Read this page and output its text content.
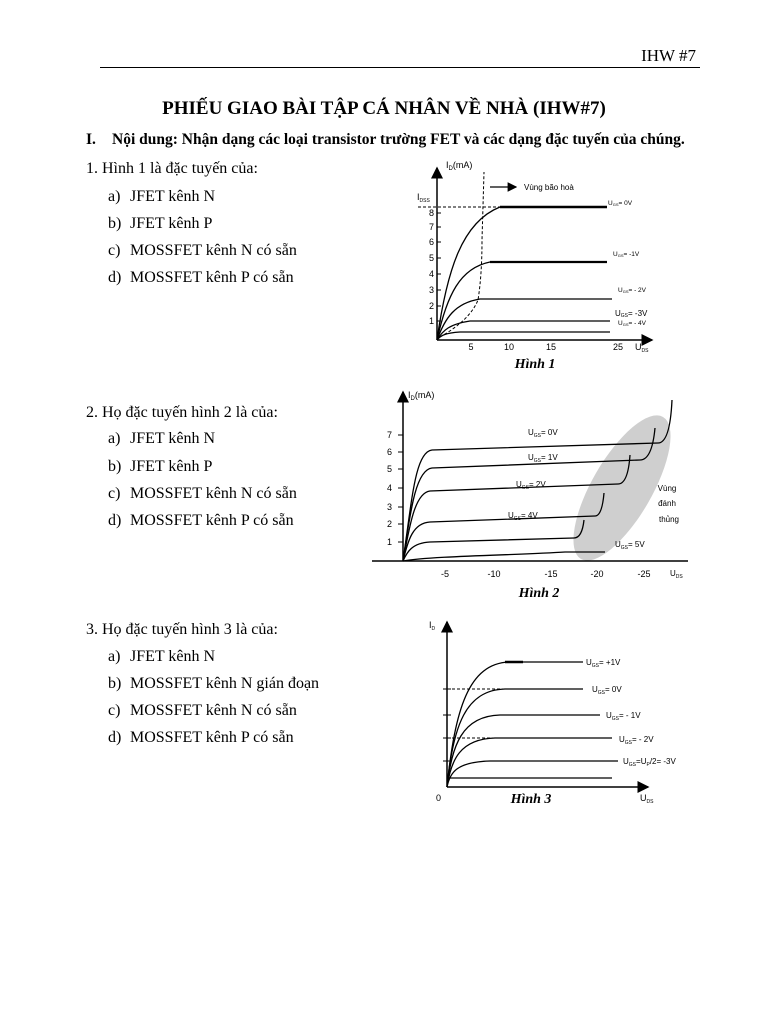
IHW #7
PHIẾU GIAO BÀI TẬP CÁ NHÂN VỀ NHÀ (IHW#7)
I. Nội dung: Nhận dạng các loại transistor trường FET và các dạng đặc tuyến của chúng.
1. Hình 1 là đặc tuyến của:
a) JFET kênh N
b) JFET kênh P
c) MOSSFET kênh N có sẵn
d) MOSSFET kênh P có sẵn
2. Họ đặc tuyến hình 2 là của:
a) JFET kênh N
b) JFET kênh P
c) MOSSFET kênh N có sẵn
d) MOSSFET kênh P có sẵn
3. Họ đặc tuyến hình 3 là của:
a) JFET kênh N
b) MOSSFET kênh N gián đoạn
c) MOSSFET kênh N có sẵn
d) MOSSFET kênh P có sẵn
$I_D(mA)$
$I_{DSS}$
1
2
3
4
5
6
7
8
5	10	15	25 $U_{DS}$
Vùng bão hoà
UGS= 0V
UGS= -1V
UGS= - 2V
UGS= -3V
UGS= - 4V
Hình 1
$I_D(mA)$
1
2
3
4
5
6
7
-5	-10	-15	-20	-25 $U_{DS}$
$U_{GS}= 0V$
$U_{GS}= 1V$
$U_{GS}= 2V$
$U_{GS}= 4V$
$U_{GS}= 5V$
Vùng
đánh
thủng
Hình 2
$I_D$
0	$U_{DS}$
$U_{GS}= +1V$
$U_{GS}= 0V$
$U_{GS}= - 1V$
$U_{GS}= - 2V$
$U_{GS}=U_P/2= -3V$
Hình 3
